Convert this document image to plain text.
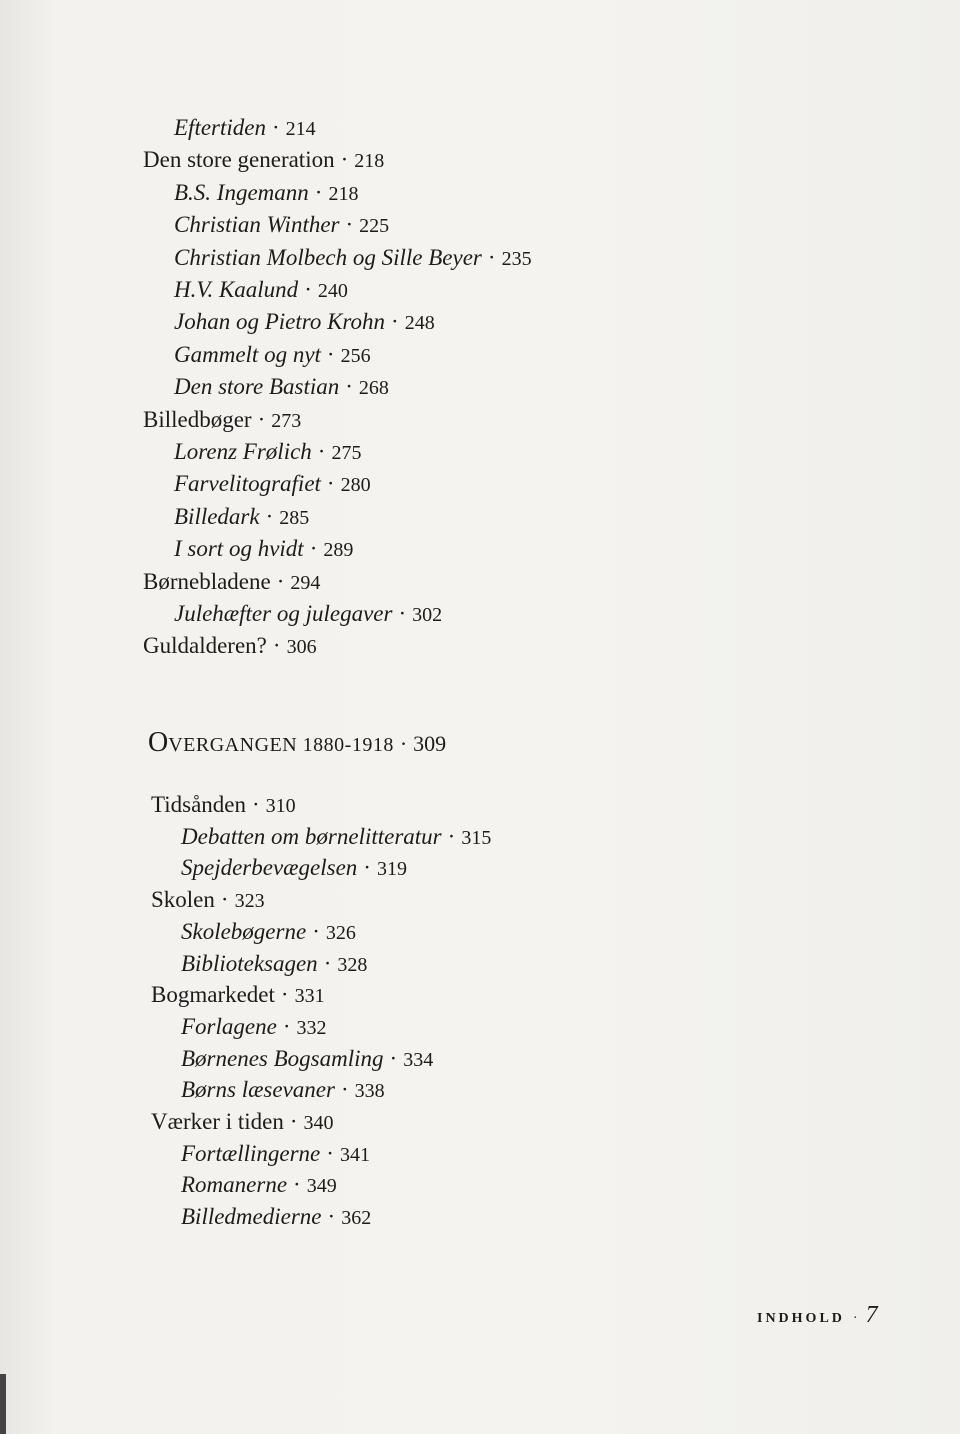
Eftertiden · 214
Den store generation · 218
B.S. Ingemann · 218
Christian Winther · 225
Christian Molbech og Sille Beyer · 235
H.V. Kaalund · 240
Johan og Pietro Krohn · 248
Gammelt og nyt · 256
Den store Bastian · 268
Billedbøger · 273
Lorenz Frølich · 275
Farvelitografiet · 280
Billedark · 285
I sort og hvidt · 289
Børnebladene · 294
Julehæfter og julegaver · 302
Guldalderen? · 306
Tidsånden · 310
Debatten om børnelitteratur · 315
Spejderbevægelsen · 319
Skolen · 323
Skolebøgerne · 326
Biblioteksagen · 328
Bogmarkedet · 331
Forlagene · 332
Børnenes Bogsamling · 334
Børns læsevaner · 338
Værker i tiden · 340
Fortællingerne · 341
Romanerne · 349
Billedmedierne · 362
OVERGANGEN 1880-1918 · 309
INDHOLD · 7
